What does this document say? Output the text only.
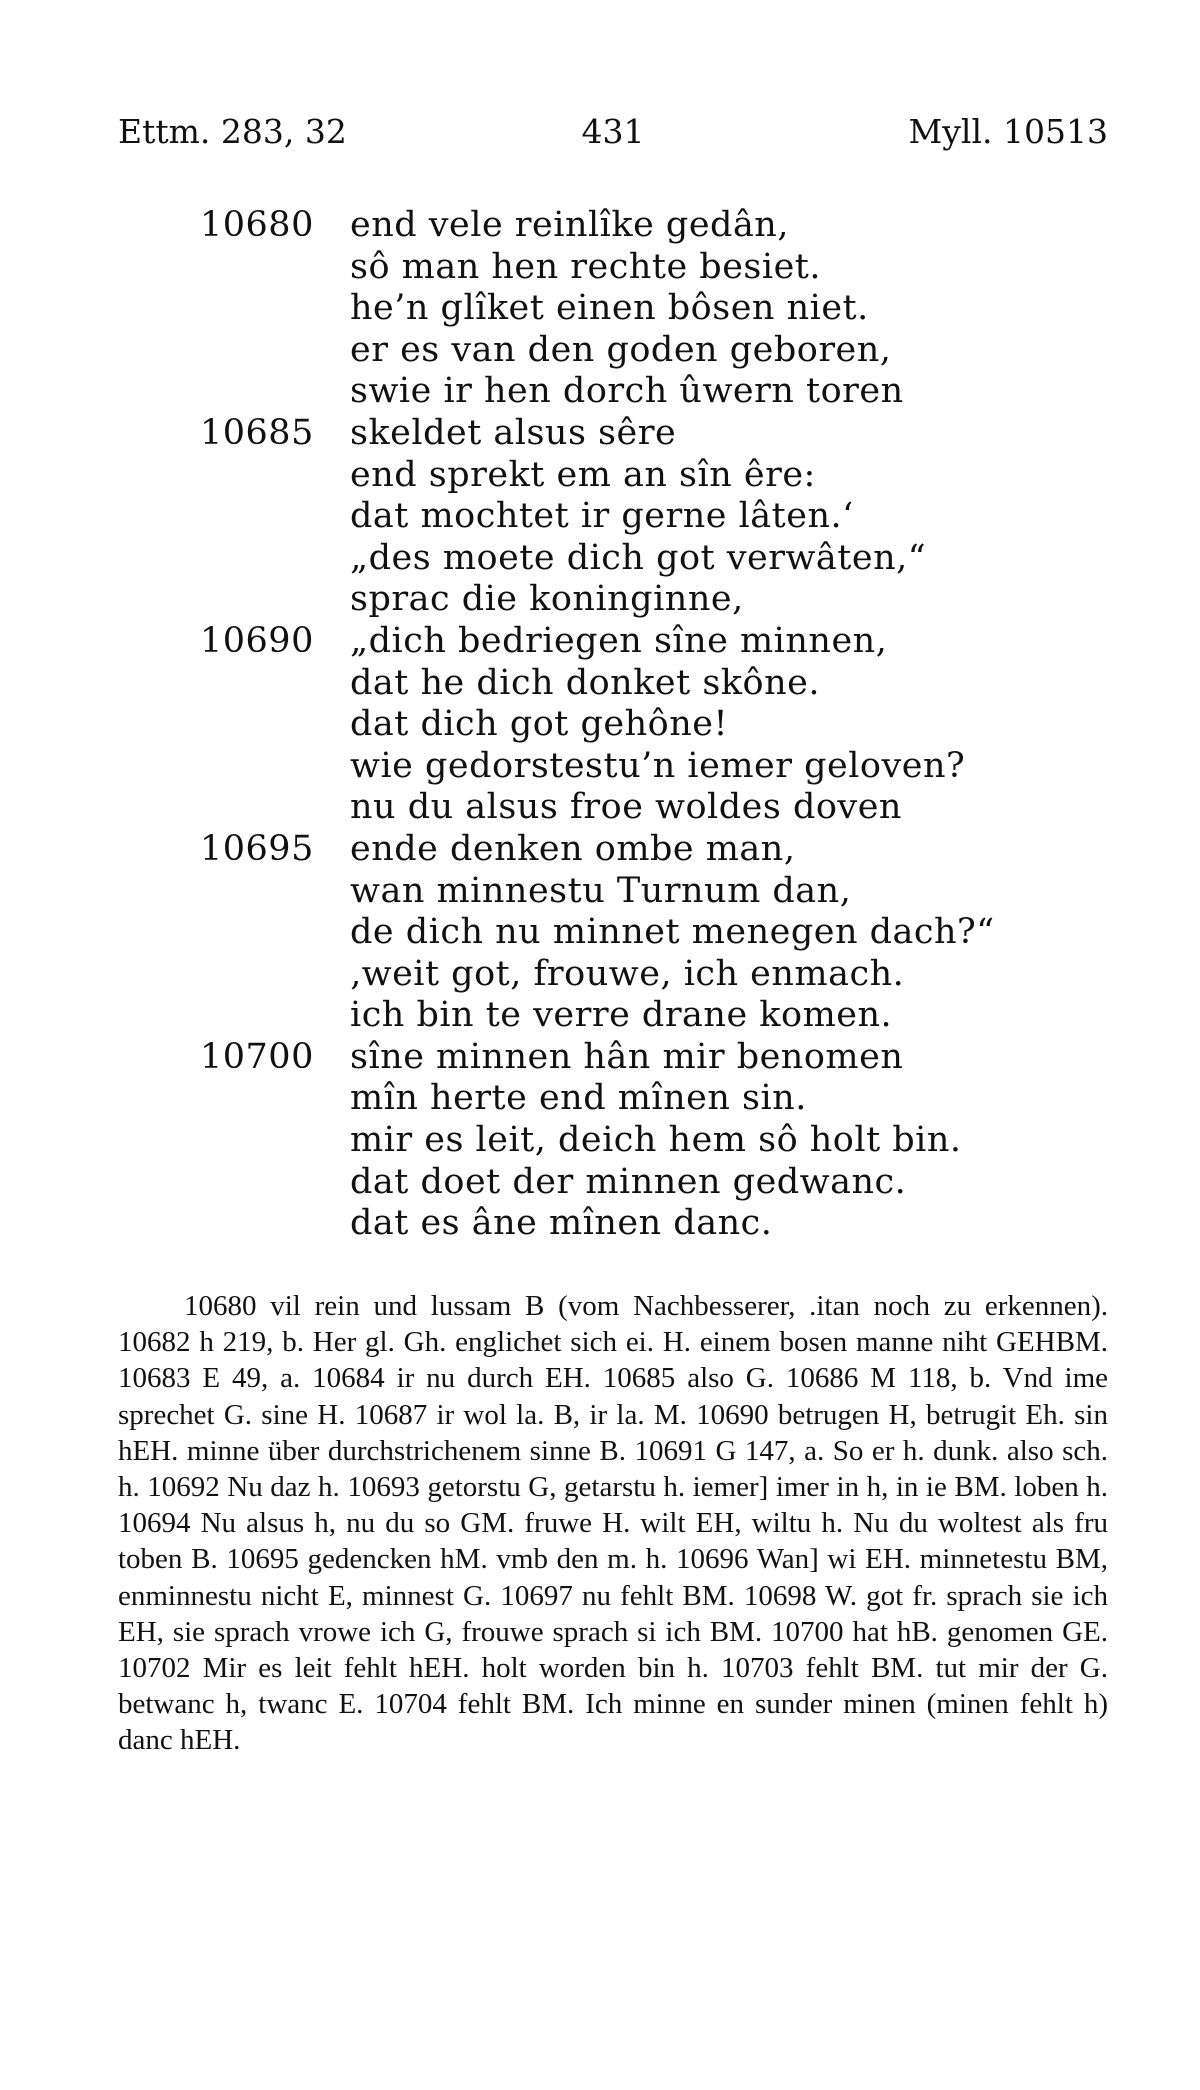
Ettm. 283, 32	431	Myll. 10513
10680 end vele reinlîke gedân,
sô man hen rechte besiet.
he’n glîket einen bôsen niet.
er es van den goden geboren,
swie ir hen dorch ûwern toren
10685 skeldet alsus sêre
end sprekt em an sîn êre:
dat mochtet ir gerne lâten.‘
„des moete dich got verwâten,“
sprac die koninginne,
10690 „dich bedriegen sîne minnen,
dat he dich donket skône.
dat dich got gehône!
wie gedorstestu’n iemer geloven?
nu du alsus froe woldes doven
10695 ende denken ombe man,
wan minnestu Turnum dan,
de dich nu minnet menegen dach?“
‚weit got, frouwe, ich enmach.
ich bin te verre drane komen.
10700 sîne minnen hân mir benomen
mîn herte end mînen sin.
mir es leit, deich hem sô holt bin.
dat doet der minnen gedwanc.
dat es âne mînen danc.

10680 vil rein und lussam B (vom Nachbesserer, .itan noch zu erkennen). 10682 h 219, b. Her gl. Gh. englichet sich ei. H. einem bosen manne niht GEHBM. 10683 E 49, a. 10684 ir nu durch EH. 10685 also G. 10686 M 118, b. Vnd ime sprechet G. sine H. 10687 ir wol la. B, ir la. M. 10690 betrugen H, betrugit Eh. sin hEH. minne über durchstrichenem sinne B. 10691 G 147, a. So er h. dunk. also sch. h. 10692 Nu daz h. 10693 getorstu G, getarstu h. iemer] imer in h, in ie BM. loben h. 10694 Nu alsus h, nu du so GM. fruwe H. wilt EH, wiltu h. Nu du woltest als fru toben B. 10695 gedencken hM. vmb den m. h. 10696 Wan] wi EH. minnetestu BM, enminnestu nicht E, minnest G. 10697 nu fehlt BM. 10698 W. got fr. sprach sie ich EH, sie sprach vrowe ich G, frouwe sprach si ich BM. 10700 hat hB. genomen GE. 10702 Mir es leit fehlt hEH. holt worden bin h. 10703 fehlt BM. tut mir der G. betwanc h, twanc E. 10704 fehlt BM. Ich minne en sunder minen (minen fehlt h) danc hEH.
